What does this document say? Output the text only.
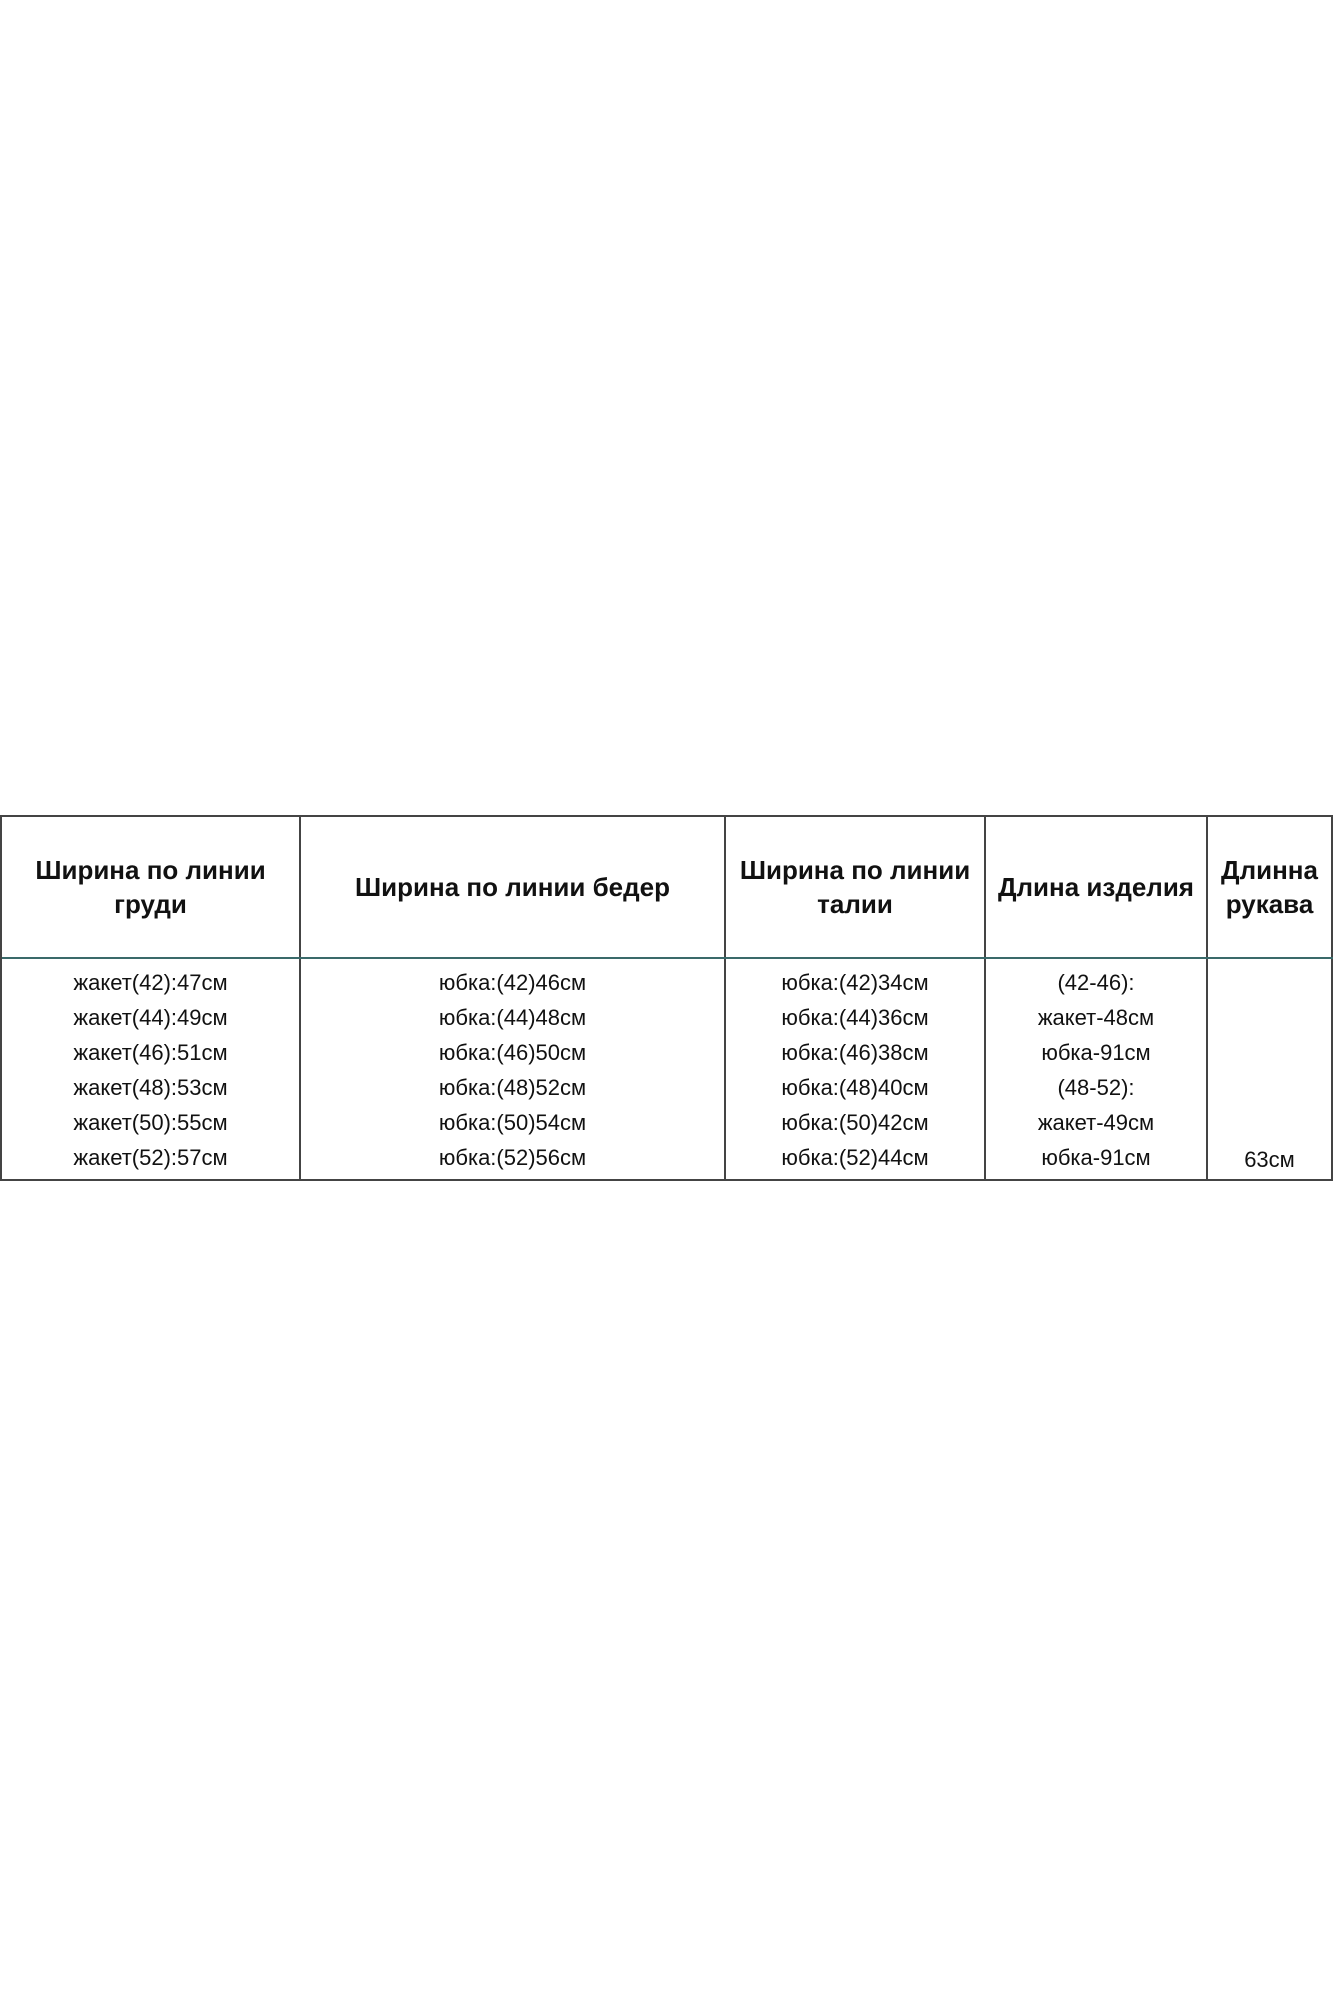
Ширина по линии груди
Ширина по линии бедер
Ширина по линии талии
Длина изделия
Длинна рукава
жакет(42):47см
жакет(44):49см
жакет(46):51см
жакет(48):53см
жакет(50):55см
жакет(52):57см
юбка:(42)46см
юбка:(44)48см
юбка:(46)50см
юбка:(48)52см
юбка:(50)54см
юбка:(52)56см
юбка:(42)34см
юбка:(44)36см
юбка:(46)38см
юбка:(48)40см
юбка:(50)42см
юбка:(52)44см
(42-46):
жакет-48см
юбка-91см
(48-52):
жакет-49см
юбка-91см	63см
